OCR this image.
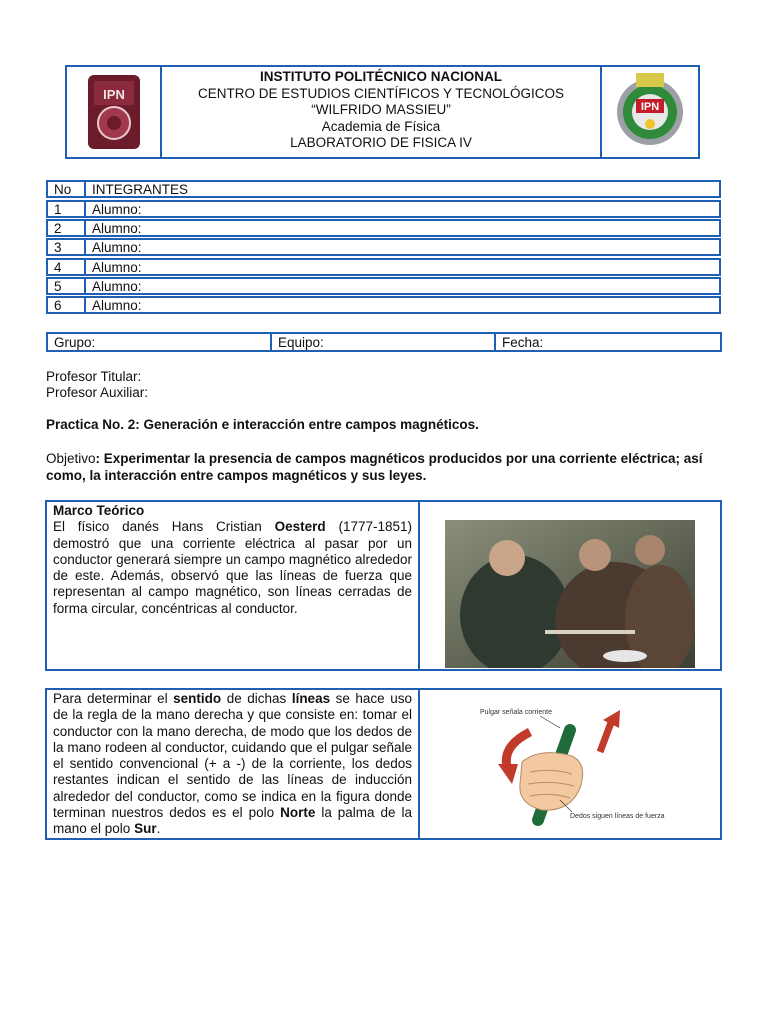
IPN
INSTITUTO POLITÉCNICO NACIONAL
CENTRO DE ESTUDIOS CIENTÍFICOS Y TECNOLÓGICOS
“WILFRIDO MASSIEU”
Academia de Física
LABORATORIO DE FISICA IV
IPN
No	INTEGRANTES
1	Alumno:
2	Alumno:
3	Alumno:
4	Alumno:
5	Alumno:
6	Alumno:
Grupo:	Equipo:	Fecha:
Profesor Titular:
Profesor Auxiliar:
Practica No. 2: Generación e interacción entre campos magnéticos.
Objetivo: Experimentar la presencia de campos magnéticos producidos por una corriente eléctrica; así como, la interacción entre campos magnéticos y sus leyes.
Marco Teórico
El físico danés Hans Cristian Oesterd (1777-1851) demostró que una corriente eléctrica al pasar por un conductor generará siempre un campo magnético alrededor de este. Además, observó que las líneas de fuerza que representan al campo magnético, son líneas cerradas de forma circular, concéntricas al conductor.
Para determinar el sentido de dichas líneas se hace uso de la regla de la mano derecha y que consiste en: tomar el conductor con la mano derecha, de modo que los dedos de la mano rodeen al conductor, cuidando que el pulgar señale el sentido convencional (+ a -) de la corriente, los dedos restantes indican el sentido de las líneas de inducción alrededor del conductor, como se indica en la figura donde terminan nuestros dedos es el polo Norte la palma de la mano el polo Sur.
Pulgar señala corriente
Dedos siguen líneas de fuerza
